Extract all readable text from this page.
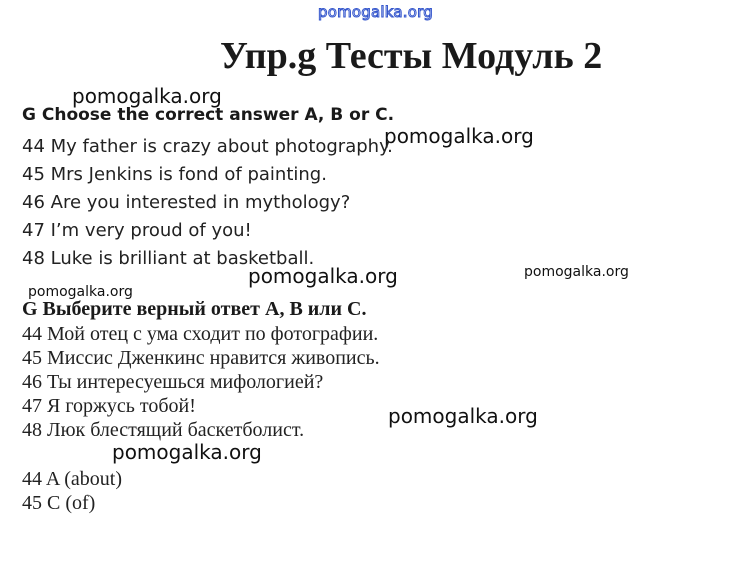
pomogalka.org
Упр.g Тесты Модуль 2
pomogalka.org
pomogalka.org
pomogalka.org	pomogalka.org
pomogalka.org
pomogalka.org
pomogalka.org
G Choose the correct answer A, B or C.
44 My father is crazy about photography.
45 Mrs Jenkins is fond of painting.
46 Are you interested in mythology?
47 I’m very proud of you!
48 Luke is brilliant at basketball.
G Выберите верный ответ А, В или С.
44 Мой отец с ума сходит по фотографии.
45 Миссис Дженкинс нравится живопись.
46 Ты интересуешься мифологией?
47 Я горжусь тобой!
48 Люк блестящий баскетболист.
44 A (about)
45 C (of)
